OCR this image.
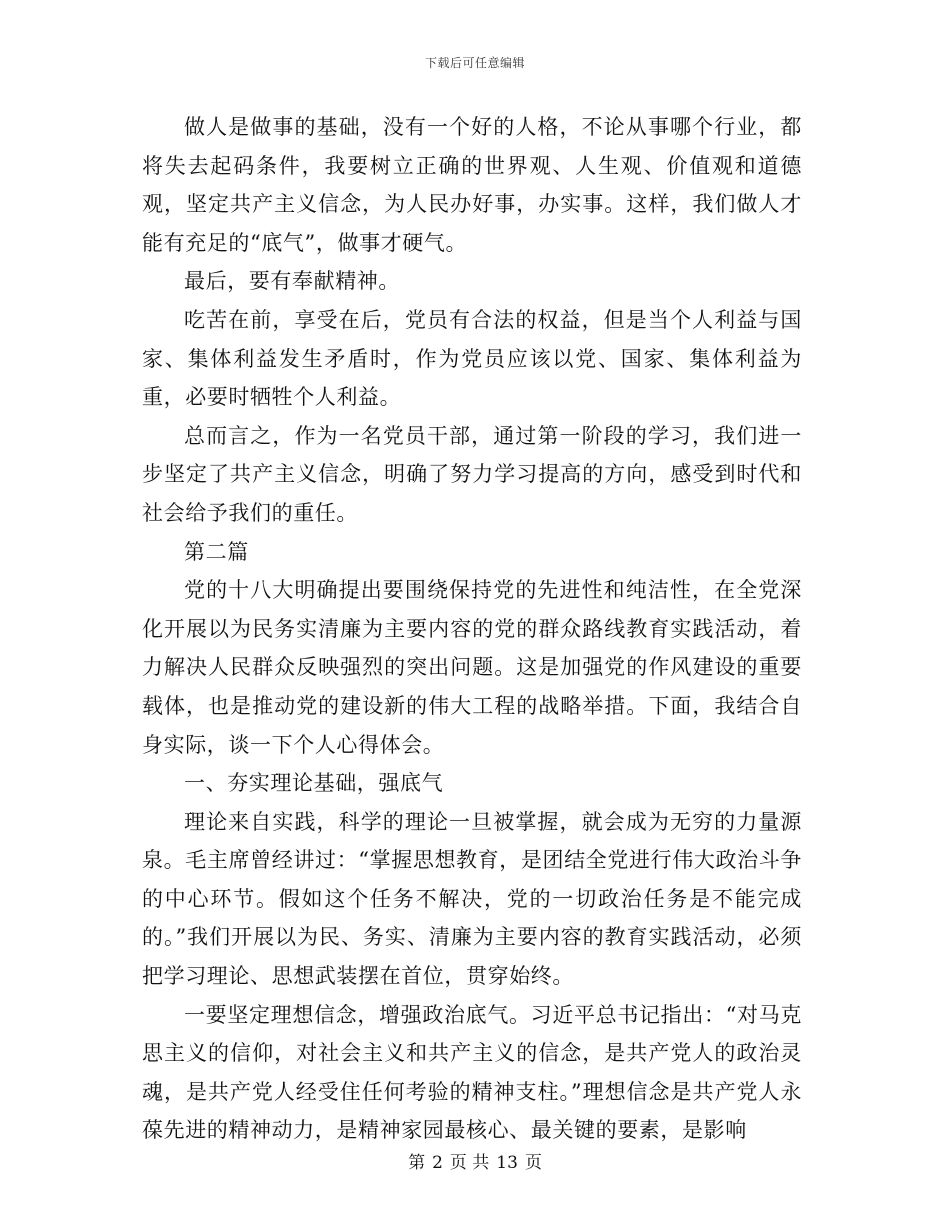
下载后可任意编辑

做人是做事的基础，没有一个好的人格，不论从事哪个行业，都将失去起码条件，我要树立正确的世界观、人生观、价值观和道德观，坚定共产主义信念，为人民办好事，办实事。这样，我们做人才能有充足的“底气”，做事才硬气。

最后，要有奉献精神。

吃苦在前，享受在后，党员有合法的权益，但是当个人利益与国家、集体利益发生矛盾时，作为党员应该以党、国家、集体利益为重，必要时牺牲个人利益。

总而言之，作为一名党员干部，通过第一阶段的学习，我们进一步坚定了共产主义信念，明确了努力学习提高的方向，感受到时代和社会给予我们的重任。

第二篇

党的十八大明确提出要围绕保持党的先进性和纯洁性，在全党深化开展以为民务实清廉为主要内容的党的群众路线教育实践活动，着力解决人民群众反映强烈的突出问题。这是加强党的作风建设的重要载体，也是推动党的建设新的伟大工程的战略举措。下面，我结合自身实际，谈一下个人心得体会。

一、夯实理论基础，强底气

理论来自实践，科学的理论一旦被掌握，就会成为无穷的力量源泉。毛主席曾经讲过：“掌握思想教育，是团结全党进行伟大政治斗争的中心环节。假如这个任务不解决，党的一切政治任务是不能完成的。”我们开展以为民、务实、清廉为主要内容的教育实践活动，必须把学习理论、思想武装摆在首位，贯穿始终。

一要坚定理想信念，增强政治底气。习近平总书记指出：“对马克思主义的信仰，对社会主义和共产主义的信念，是共产党人的政治灵魂，是共产党人经受住任何考验的精神支柱。”理想信念是共产党人永葆先进的精神动力，是精神家园最核心、最关键的要素，是影响

第 2 页 共 13 页
